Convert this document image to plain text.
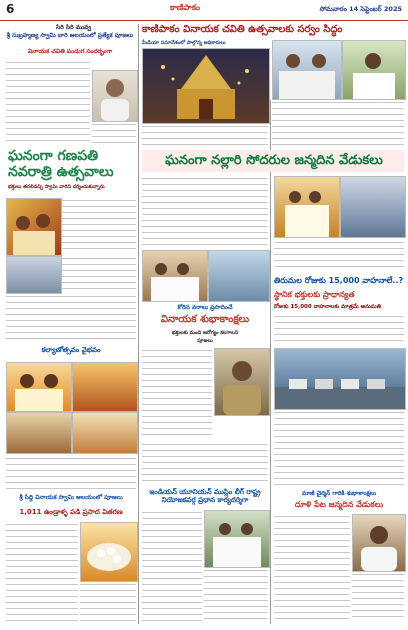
6	కాణిపాకం	సోమవారం 14 సెప్టెంబర్ 2025
సిరి సిరి మువ్వ
శ్రీ సుబ్రహ్మణ్య స్వామి వారి ఆలయంలో ప్రత్యేక పూజలు
వినాయక చవితి పండుగ సందర్భంగా
ఘనంగా గణపతి నవరాత్రి ఉత్సవాలు
భక్తులు తరలివచ్చి స్వామి వారిని దర్శించుకున్నారు
కల్యాణోత్సవం వైభవం
శ్రీ సిద్ది వినాయక స్వామి ఆలయంలో పూజలు
1,011 ఉండ్రాళ్ళ పడి ప్రసాద వితరణ
కాణిపాకం వినాయక చవితి ఉత్సవాలకు సర్వం సిద్ధం
మీడియా సమావేశంలో పాల్గొన్న అధికారులు
ఘనంగా నల్లారి సోదరుల జన్మదిన వేడుకలు
కోరిన వరాలు ప్రసాదించే
వినాయక శుభాకాంక్షలు
భక్తులకు మంచి ఆరోగ్యం కలగాలని
పూజలు
ఇండియన్ యూనియన్ ముస్లిం లీగ్ రాష్ట్ర నియోజకవర్గ ప్రధాన కార్యదర్శిగా
తిరుమల రోజుకు 15,000 వాహనాలే..?
స్థానిక భక్తులకు ప్రాధాన్యత
రోజుకు 15,000 వాహనాలకు మాత్రమే అనుమతి
మాజీ చైర్మన్ గారికి శుభాకాంక్షలు
దూళి పేట జన్మదిన వేడుకలు
